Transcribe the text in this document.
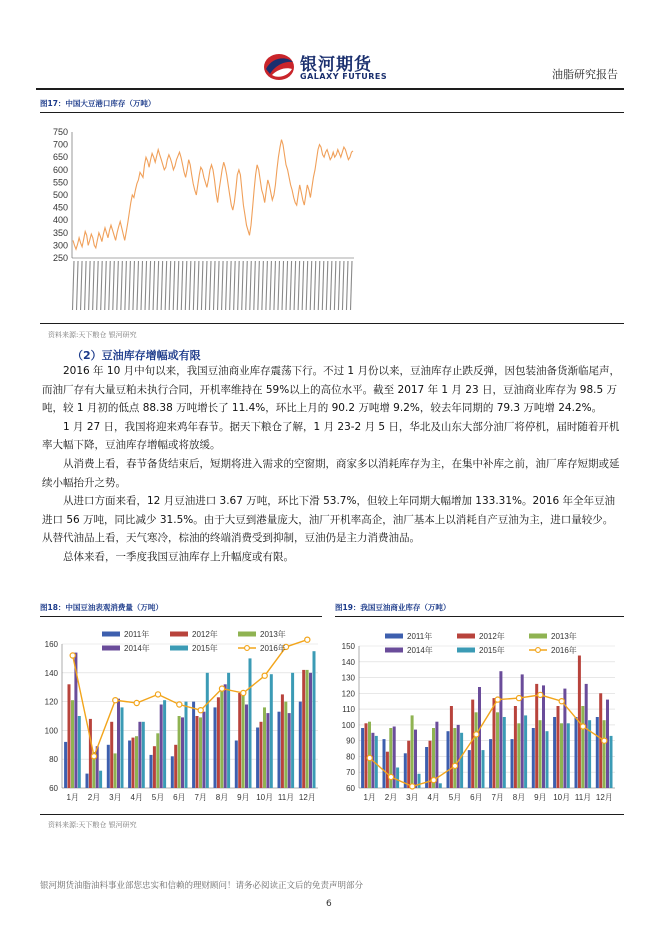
银河期货
GALAXY FUTURES	油脂研究报告
图17：中国大豆港口库存（万吨）
250
300
350
400
450
500
550
600
650
700
750
资料来源:天下粮仓 银河研究
（2）豆油库存增幅或有限

2016 年 10 月中旬以来，我国豆油商业库存震荡下行。不过 1 月份以来，豆油库存止跌反弹，因包装油备货渐临尾声，而油厂存有大量豆粕未执行合同，开机率维持在 59%以上的高位水平。截至 2017 年 1 月 23 日，豆油商业库存为 98.5 万吨，较 1 月初的低点 88.38 万吨增长了 11.4%，环比上月的 90.2 万吨增 9.2%，较去年同期的 79.3 万吨增 24.2%。

1 月 27 日，我国将迎来鸡年春节。据天下粮仓了解，1 月 23-2 月 5 日，华北及山东大部分油厂将停机，届时随着开机率大幅下降，豆油库存增幅或将放缓。

从消费上看，春节备货结束后，短期将进入需求的空窗期，商家多以消耗库存为主，在集中补库之前，油厂库存短期或延续小幅抬升之势。

从进口方面来看，12 月豆油进口 3.67 万吨，环比下滑 53.7%，但较上年同期大幅增加 133.31%。2016 年全年豆油进口 56 万吨，同比减少 31.5%。由于大豆到港量庞大，油厂开机率高企，油厂基本上以消耗自产豆油为主，进口量较少。从替代油品上看，天气寒冷，棕油的终端消费受到抑制，豆油仍是主力消费油品。

总体来看，一季度我国豆油库存上升幅度或有限。

图18：中国豆油表观消费量（万吨）	图19：我国豆油商业库存（万吨）
60
80
100
120
140
160
1月 2月 3月 4月 5月 6月 7月 8月 9月 10月 11月 12月
2011年	2012年	2013年
2014年	2015年	2016年
60
70
80
90
100
110
120
130
140
150
1月 2月 3月 4月 5月 6月 7月 8月 9月 10月 11月 12月
2011年	2012年	2013年
2014年	2015年	2016年
资料来源:天下粮仓 银河研究
银河期货油脂油料事业部您忠实和信赖的理财顾问！请务必阅读正文后的免责声明部分
6
